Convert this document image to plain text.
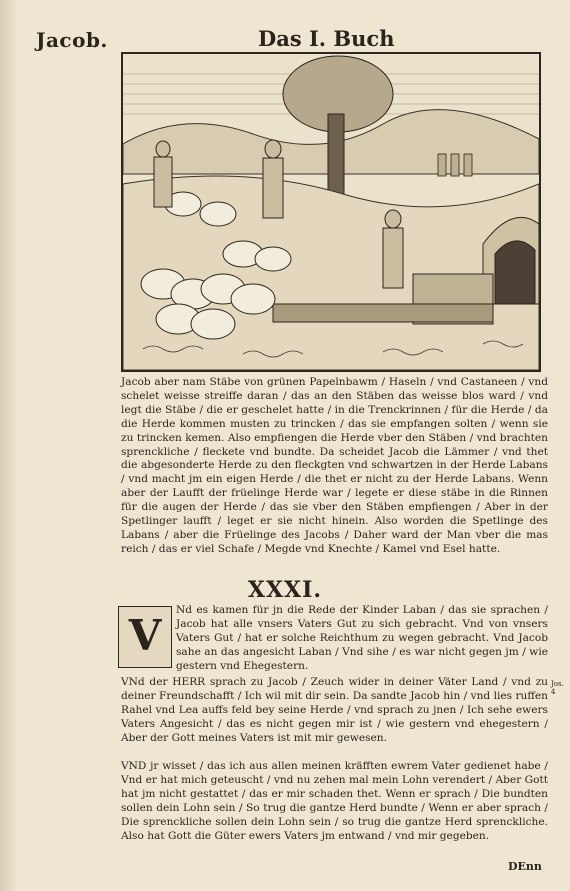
Jacob.	Das I. Buch

Jacob aber nam Stäbe von grünen Papelnbawm / Haseln / vnd Castaneen / vnd schelet weisse streiffe daran / das an den Stäben das weisse blos ward / vnd legt die Stäbe / die er geschelet hatte / in die Trenckrinnen / für die Herde / da die Herde kommen musten zu trincken / das sie empfangen solten / wenn sie zu trincken kemen. Also empfiengen die Herde vber den Stäben / vnd brachten sprenckliche / fleckete vnd bundte. Da scheidet Jacob die Lämmer / vnd thet die abgesonderte Herde zu den fleckgten vnd schwartzen in der Herde Labans / vnd macht jm ein eigen Herde / die thet er nicht zu der Herde Labans. Wenn aber der Laufft der früelinge Herde war / legete er diese stäbe in die Rinnen für die augen der Herde / das sie vber den Stäben empfiengen / Aber in der Spetlinger laufft / leget er sie nicht hinein. Also worden die Spetlinge des Labans / aber die Früelinge des Jacobs / Daher ward der Man vber die mas reich / das er viel Schafe / Megde vnd Knechte / Kamel vnd Esel hatte.

XXXI.
V
Nd es kamen für jn die Rede der Kinder Laban / das sie sprachen / Jacob hat alle vnsers Vaters Gut zu sich gebracht. Vnd von vnsers Vaters Gut / hat er solche Reichthum zu wegen gebracht. Vnd Jacob sahe an das angesicht Laban / Vnd sihe / es war nicht gegen jm / wie gestern vnd Ehegestern.
Jos. 4
VNd der HERR sprach zu Jacob / Zeuch wider in deiner Väter Land / vnd zu deiner Freundschafft / Ich wil mit dir sein. Da sandte Jacob hin / vnd lies ruffen Rahel vnd Lea auffs feld bey seine Herde / vnd sprach zu jnen / Ich sehe ewers Vaters Angesicht / das es nicht gegen mir ist / wie gestern vnd ehegestern / Aber der Gott meines Vaters ist mit mir gewesen.
VND jr wisset / das ich aus allen meinen kräfften ewrem Vater gedienet habe / Vnd er hat mich geteuscht / vnd nu zehen mal mein Lohn verendert / Aber Gott hat jm nicht gestattet / das er mir schaden thet. Wenn er sprach / Die bundten sollen dein Lohn sein / So trug die gantze Herd bundte / Wenn er aber sprach / Die sprenckliche sollen dein Lohn sein / so trug die gantze Herd sprenckliche. Also hat Gott die Güter ewers Vaters jm entwand / vnd mir gegeben.
DEnn
